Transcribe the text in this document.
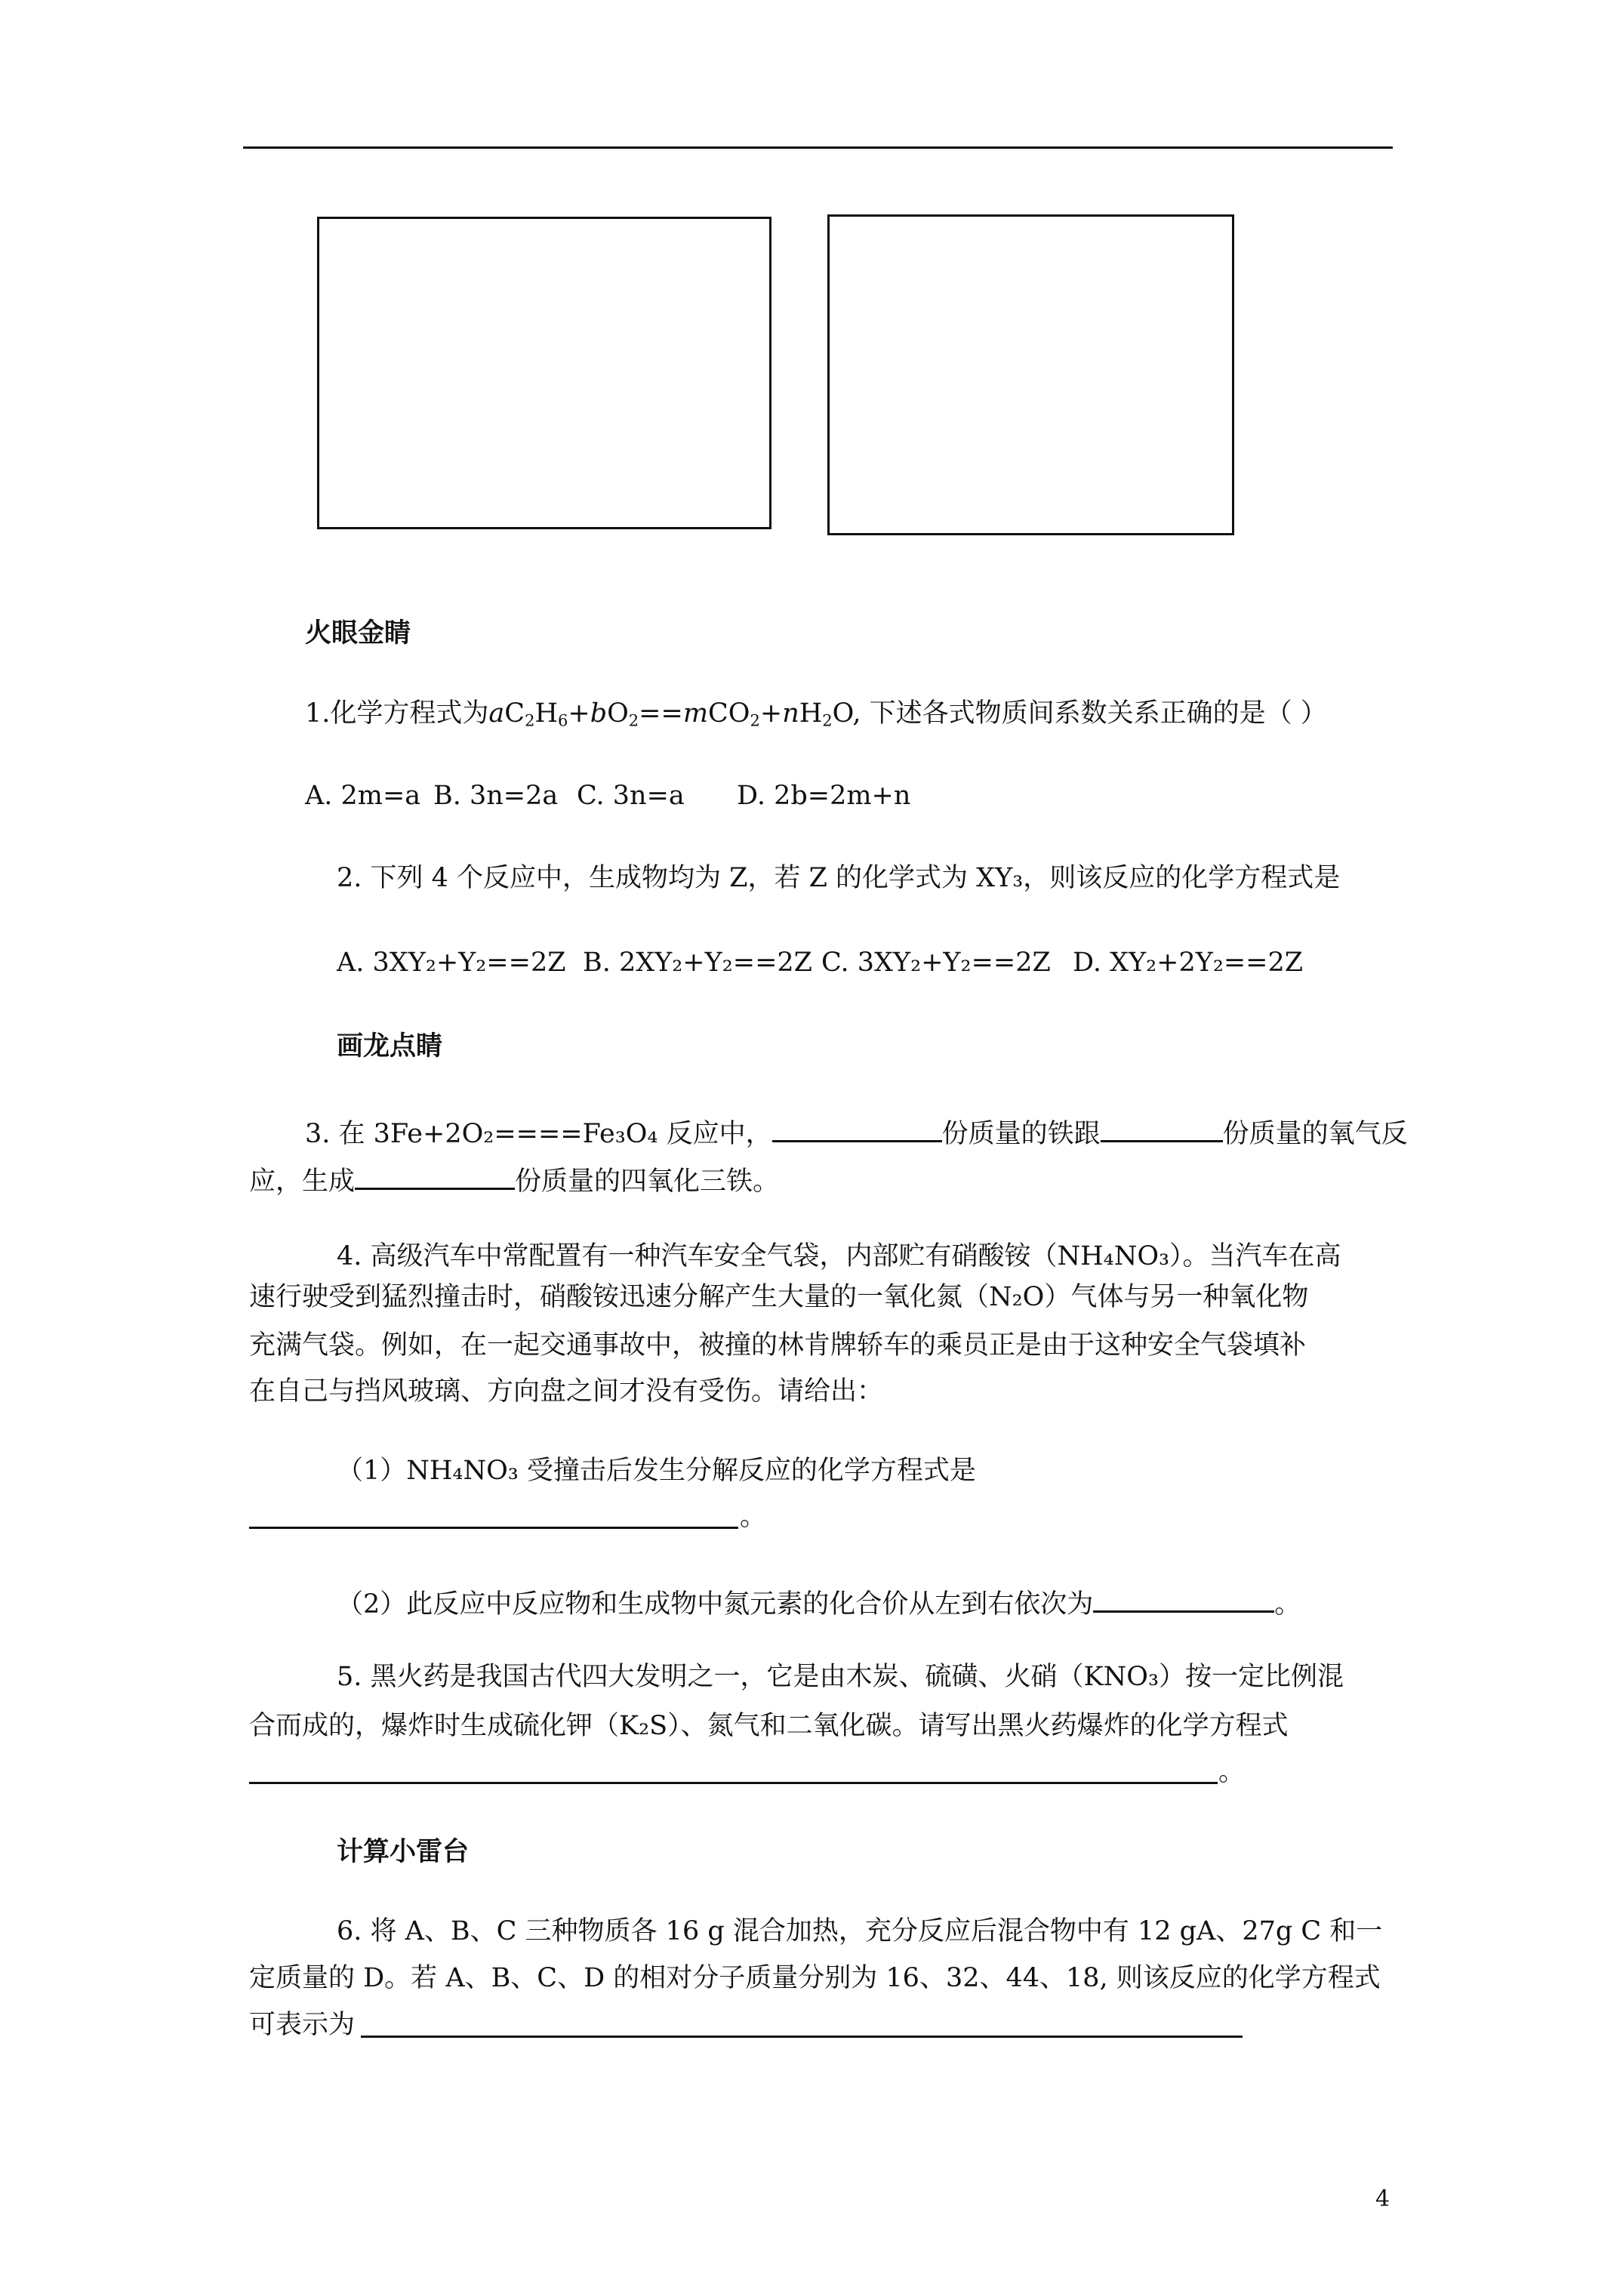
火眼金睛
1.化学方程式为$aC_2H_6+bO_2==mCO_2+nH_2O$, 下述各式物质间系数关系正确的是（ ）
A. 2m=a B. 3n=2a C. 3n=a D. 2b=2m+n
2. 下列 4 个反应中，生成物均为 Z，若 Z 的化学式为 XY₃，则该反应的化学方程式是
A. 3XY₂+Y₂==2Z B. 2XY₂+Y₂==2Z C. 3XY₂+Y₂==2Z D. XY₂+2Y₂==2Z
画龙点睛
3. 在 3Fe+2O₂====Fe₃O₄ 反应中，	份质量的铁跟	份质量的氧气反
应，生成	份质量的四氧化三铁。
4. 高级汽车中常配置有一种汽车安全气袋，内部贮有硝酸铵（NH₄NO₃）。当汽车在高
速行驶受到猛烈撞击时，硝酸铵迅速分解产生大量的一氧化氮（N₂O）气体与另一种氧化物
充满气袋。例如，在一起交通事故中，被撞的林肯牌轿车的乘员正是由于这种安全气袋填补
在自己与挡风玻璃、方向盘之间才没有受伤。请给出：
（1）NH₄NO₃ 受撞击后发生分解反应的化学方程式是
。
（2）此反应中反应物和生成物中氮元素的化合价从左到右依次为	。
5. 黑火药是我国古代四大发明之一，它是由木炭、硫磺、火硝（KNO₃）按一定比例混
合而成的，爆炸时生成硫化钾（K₂S）、氮气和二氧化碳。请写出黑火药爆炸的化学方程式
。
计算小雷台
6. 将 A、B、C 三种物质各 16 g 混合加热，充分反应后混合物中有 12 gA、27g C 和一
定质量的 D。若 A、B、C、D 的相对分子质量分别为 16、32、44、18, 则该反应的化学方程式
可表示为
4
